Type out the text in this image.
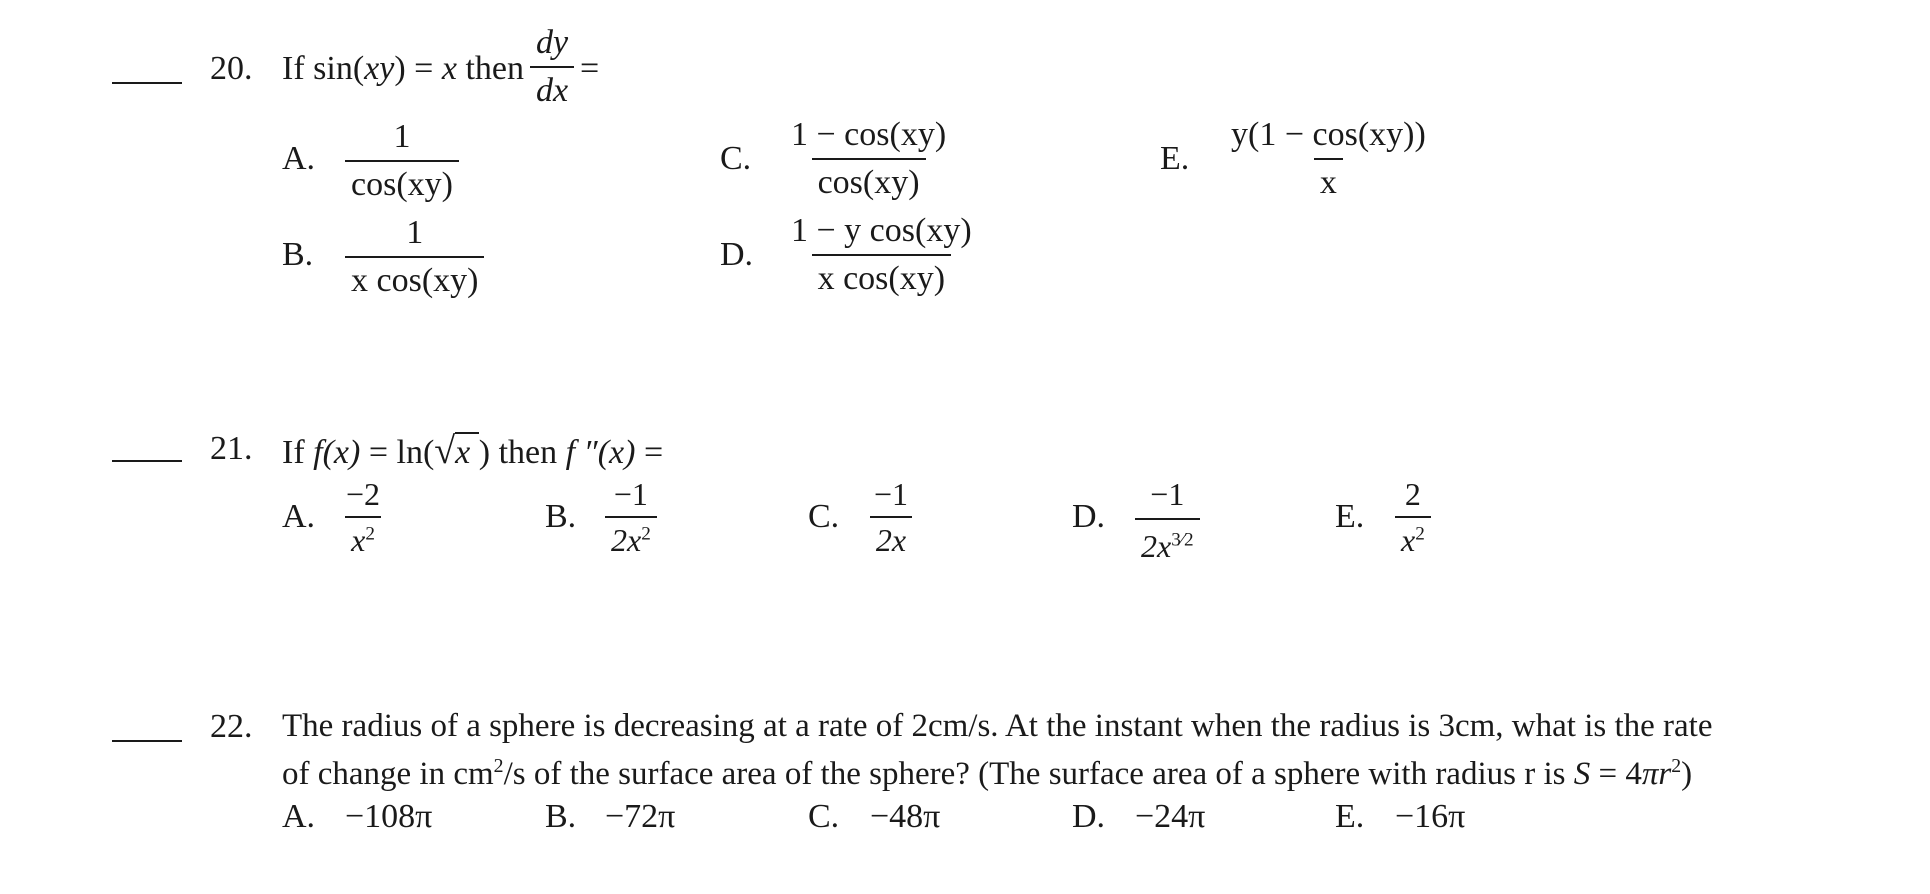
20. If sin(xy) = x then $\frac{dy}{dx}$ =
A. $\frac{1}{\cos(xy)}$
B. $\frac{1}{\text{x cos(xy)}}$
C. $\frac{1 - \cos(xy)}{\cos(xy)}$
D. $\frac{\text{1 − y cos(xy)}}{\text{x cos(xy)}}$
E. $\frac{y(1 - \cos(xy))}{x}$
21. If f(x) = ln(√x ) then f ″(x) =
A. $\frac{-2}{x^2}$	B. $\frac{-1}{2x^2}$	C. $\frac{-1}{2x}$	D. $\frac{-1}{2x^{3⁄2}}$	E. $\frac{2}{x^2}$
22. The radius of a sphere is decreasing at a rate of 2cm/s. At the instant when the radius is 3cm, what is the rate
of change in $cm^2/s$ of the surface area of the sphere? (The surface area of a sphere with radius r is $S = 4\pi r^2$)
A. −108π	B. −72π	C. −48π	D. −24π	E. −16π
